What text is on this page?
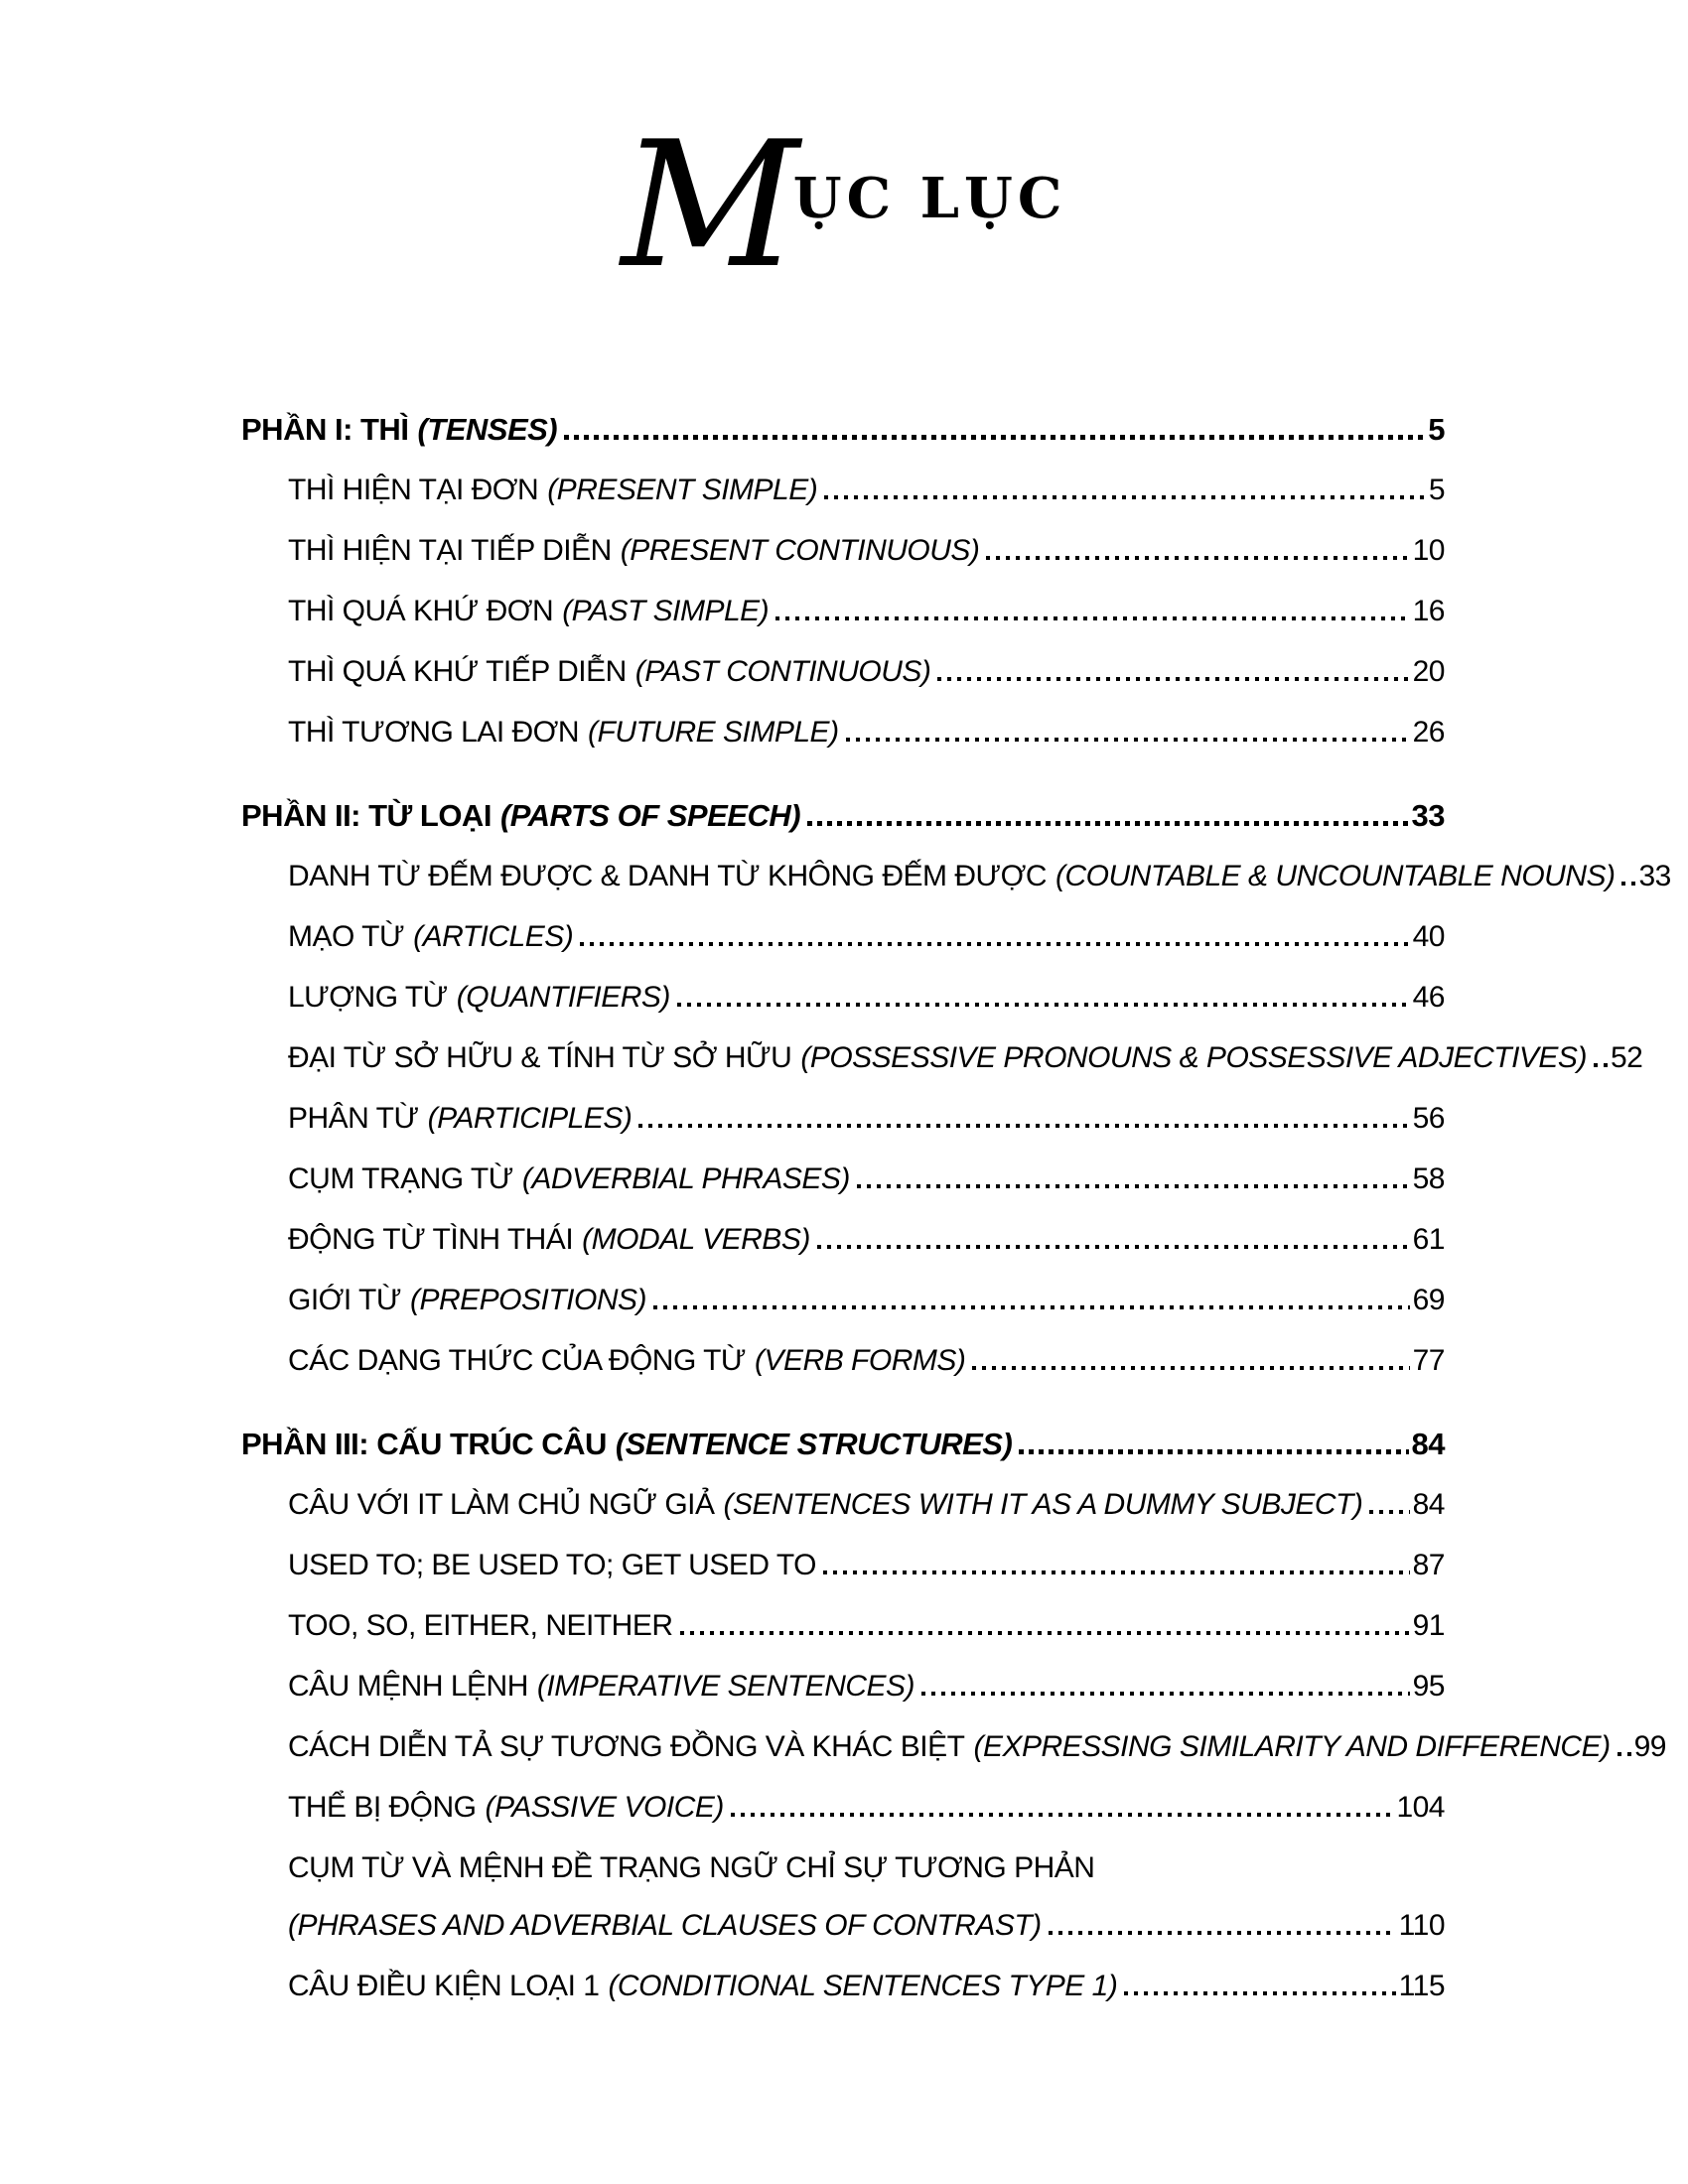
MỤC LỤC
PHẦN I: THÌ (TENSES)	5
THÌ HIỆN TẠI ĐƠN (PRESENT SIMPLE)	5
THÌ HIỆN TẠI TIẾP DIỄN (PRESENT CONTINUOUS)	10
THÌ QUÁ KHỨ ĐƠN (PAST SIMPLE)	16
THÌ QUÁ KHỨ TIẾP DIỄN (PAST CONTINUOUS)	20
THÌ TƯƠNG LAI ĐƠN (FUTURE SIMPLE)	26
PHẦN II: TỪ LOẠI (PARTS OF SPEECH)	33
DANH TỪ ĐẾM ĐƯỢC & DANH TỪ KHÔNG ĐẾM ĐƯỢC (COUNTABLE & UNCOUNTABLE NOUNS) 33
MẠO TỪ (ARTICLES)	40
LƯỢNG TỪ (QUANTIFIERS)	46
ĐẠI TỪ SỞ HỮU & TÍNH TỪ SỞ HỮU (POSSESSIVE PRONOUNS & POSSESSIVE ADJECTIVES) 52
PHÂN TỪ (PARTICIPLES)	56
CỤM TRẠNG TỪ (ADVERBIAL PHRASES)	58
ĐỘNG TỪ TÌNH THÁI (MODAL VERBS)	61
GIỚI TỪ (PREPOSITIONS)	69
CÁC DẠNG THỨC CỦA ĐỘNG TỪ (VERB FORMS)	77
PHẦN III: CẤU TRÚC CÂU (SENTENCE STRUCTURES)	84
CÂU VỚI IT LÀM CHỦ NGỮ GIẢ (SENTENCES WITH IT AS A DUMMY SUBJECT) 84
USED TO; BE USED TO; GET USED TO	87
TOO, SO, EITHER, NEITHER	91
CÂU MỆNH LỆNH (IMPERATIVE SENTENCES)	95
CÁCH DIỄN TẢ SỰ TƯƠNG ĐỒNG VÀ KHÁC BIỆT (EXPRESSING SIMILARITY AND DIFFERENCE) 99
THỂ BỊ ĐỘNG (PASSIVE VOICE)	104
CỤM TỪ VÀ MỆNH ĐỀ TRẠNG NGỮ CHỈ SỰ TƯƠNG PHẢN
(PHRASES AND ADVERBIAL CLAUSES OF CONTRAST)	110
CÂU ĐIỀU KIỆN LOẠI 1 (CONDITIONAL SENTENCES TYPE 1)	115
